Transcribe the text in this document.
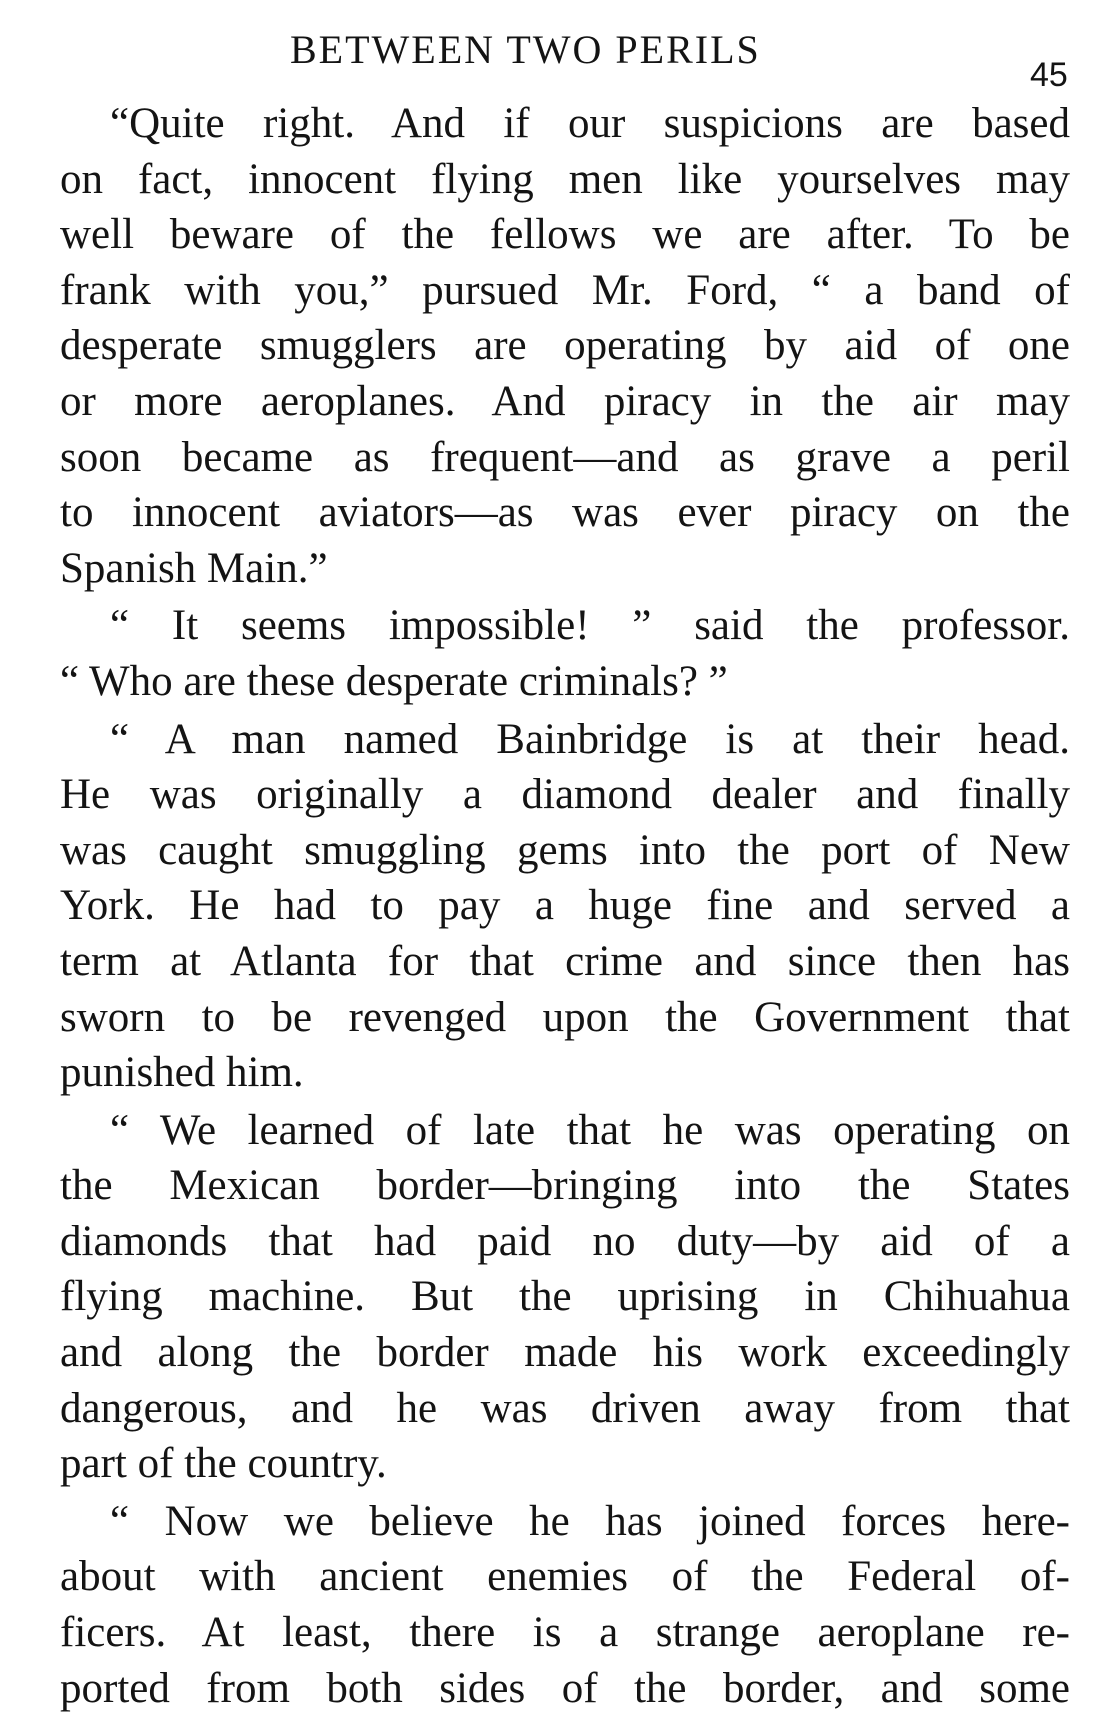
BETWEEN TWO PERILS
45
“Quite right. And if our suspicions are based
on fact, innocent flying men like yourselves may
well beware of the fellows we are after. To be
frank with you,” pursued Mr. Ford, “ a band of
desperate smugglers are operating by aid of one
or more aeroplanes. And piracy in the air may
soon became as frequent—and as grave a peril
to innocent aviators—as was ever piracy on the
Spanish Main.”
“ It seems impossible! ” said the professor.
“ Who are these desperate criminals? ”
“ A man named Bainbridge is at their head.
He was originally a diamond dealer and finally
was caught smuggling gems into the port of New
York. He had to pay a huge fine and served a
term at Atlanta for that crime and since then has
sworn to be revenged upon the Government that
punished him.
“ We learned of late that he was operating on
the Mexican border—bringing into the States
diamonds that had paid no duty—by aid of a
flying machine. But the uprising in Chihuahua
and along the border made his work exceedingly
dangerous, and he was driven away from that
part of the country.
“ Now we believe he has joined forces here-
about with ancient enemies of the Federal of-
ficers. At least, there is a strange aeroplane re-
ported from both sides of the border, and some
